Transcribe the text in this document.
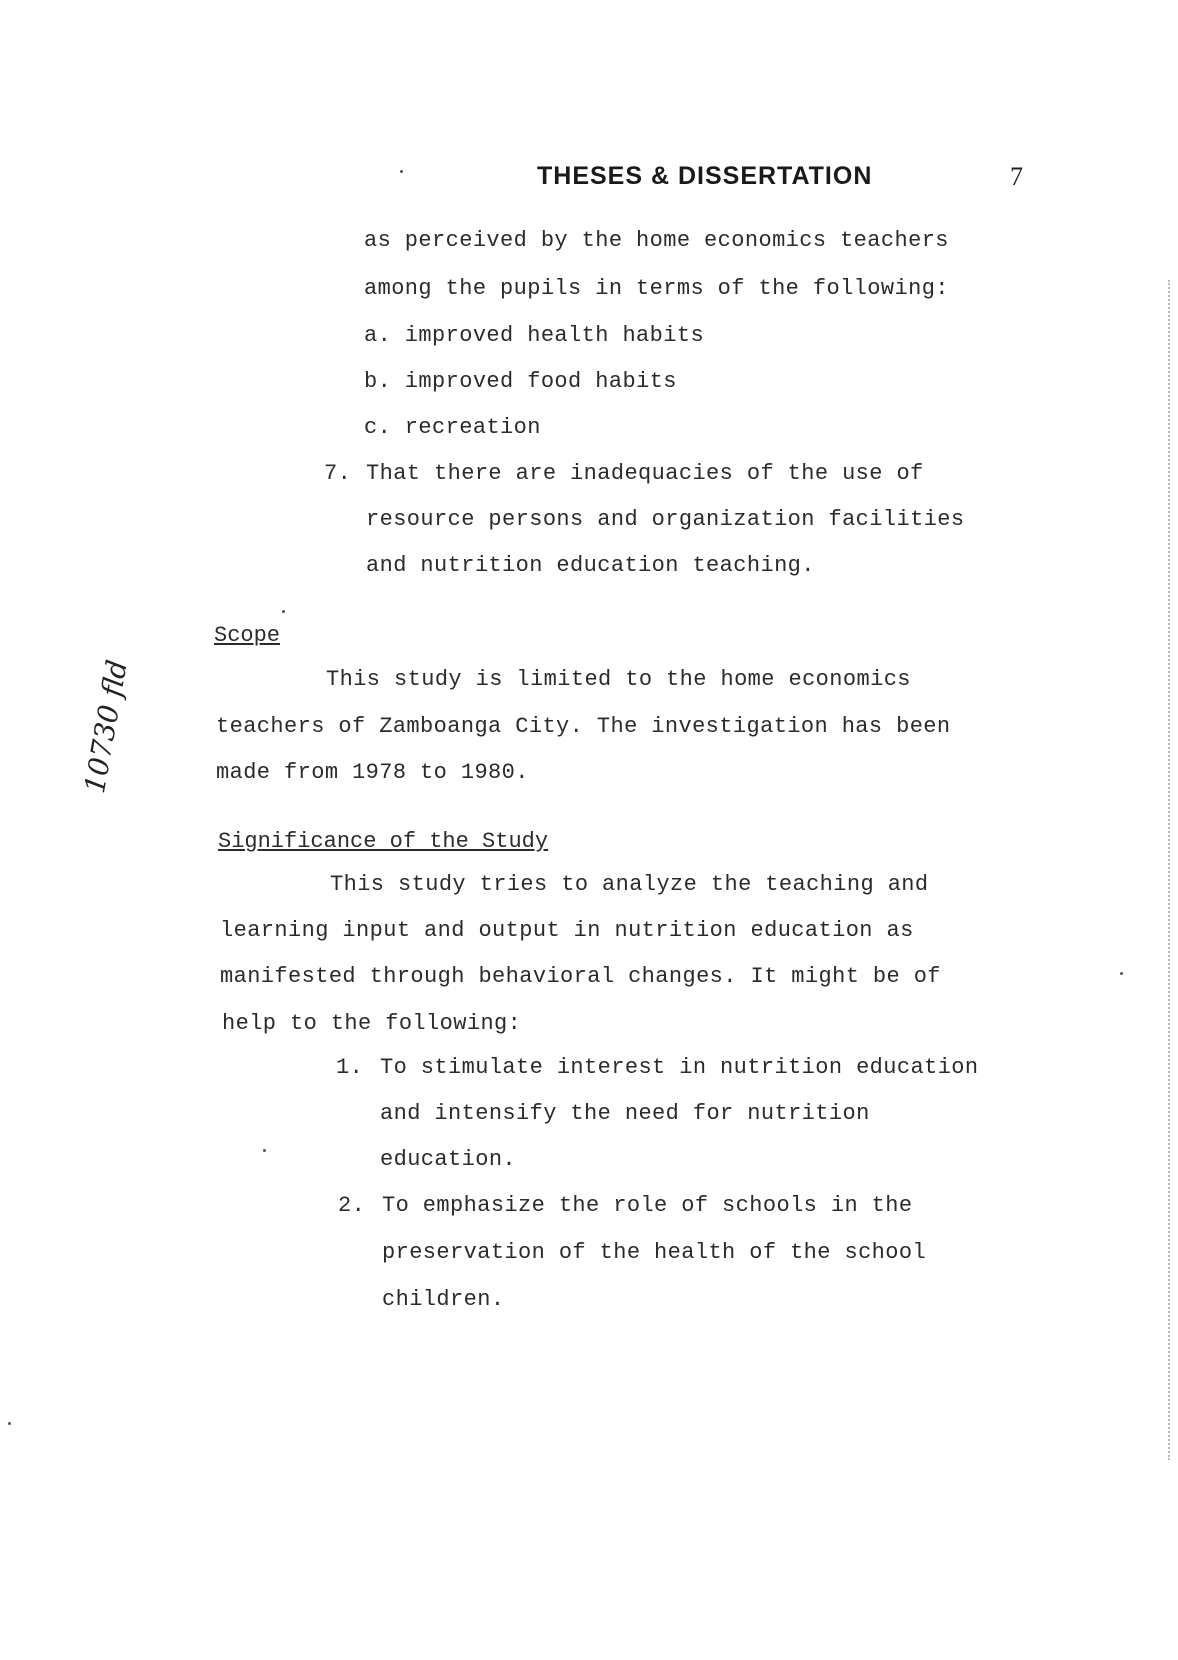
THESES & DISSERTATION	7
as perceived by the home economics teachers
among the pupils in terms of the following:
a. improved health habits
b. improved food habits
c. recreation
7. That there are inadequacies of the use of
resource persons and organization facilities
and nutrition education teaching.
Scope
This study is limited to the home economics
teachers of Zamboanga City. The investigation has been
made from 1978 to 1980.
Significance of the Study
This study tries to analyze the teaching and
learning input and output in nutrition education as
manifested through behavioral changes. It might be of
help to the following:
1. To stimulate interest in nutrition education
and intensify the need for nutrition
education.
2. To emphasize the role of schools in the
preservation of the health of the school
children.
10730 fld
